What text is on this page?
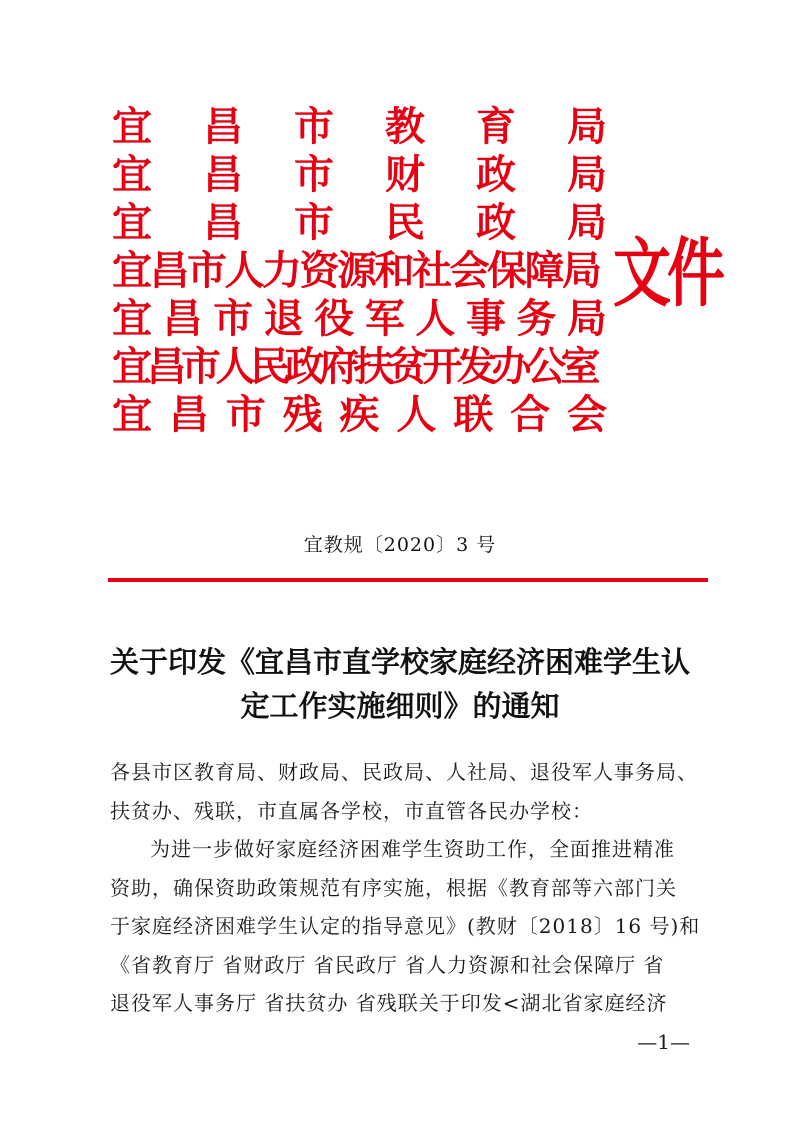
宜 昌 市 教 育 局
宜 昌 市 财 政 局
宜 昌 市 民 政 局
宜昌市人力资源和社会保障局
宜 昌 市 退 役 军 人 事 务 局
宜昌市人民政府扶贫开发办公室
宜 昌 市 残 疾 人 联 合 会
文件
宜教规〔2020〕3 号
关于印发《宜昌市直学校家庭经济困难学生认
定工作实施细则》的通知
各县市区教育局、财政局、民政局、人社局、退役军人事务局、
扶贫办、残联，市直属各学校，市直管各民办学校：
为进一步做好家庭经济困难学生资助工作，全面推进精准
资助，确保资助政策规范有序实施，根据《教育部等六部门关
于家庭经济困难学生认定的指导意见》(教财〔2018〕16 号)和
《省教育厅 省财政厅 省民政厅 省人力资源和社会保障厅 省
退役军人事务厅 省扶贫办 省残联关于印发<湖北省家庭经济
—1—
